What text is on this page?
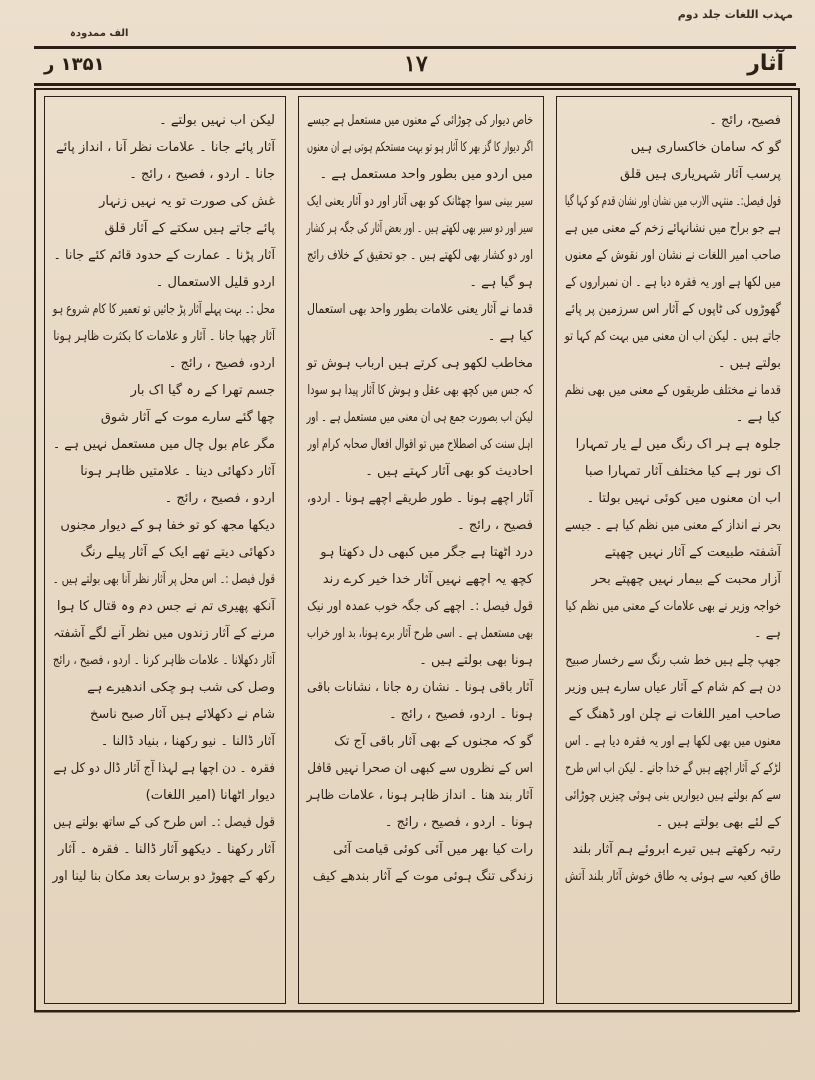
مہذب اللغات جلد دوم
الف ممدودہ
آثار
۱۷
۱۳۵۱ ر
فصیح، رائج ۔
گو کہ سامان خاکساری ہیں
پرسب آثار شہریاری ہیں قلق
قول فیصل:۔ منتہی الارب میں نشان اور نشان قدم کو کہا گیا
ہے جو براح میں نشانہائے زخم کے معنی میں ہے
صاحب امیر اللغات نے نشان اور نقوش کے معنوں
میں لکھا ہے اور یہ فقرہ دیا ہے ۔ ان نمبراروں کے
گھوڑوں کی ٹاپوں کے آثار اس سرزمین پر پائے
جاتے ہیں ۔ لیکن اب ان معنی میں بہت کم کہا تو
بولتے ہیں ۔
قدما نے مختلف طریقوں کے معنی میں بھی نظم
کیا ہے ۔
جلوہ ہے ہر اک رنگ میں لے یار تمہارا
اک نور ہے کیا مختلف آثار تمہارا صبا
اب ان معنوں میں کوئی نہیں بولتا ۔
بحر نے انداز کے معنی میں نظم کیا ہے ۔ جیسے
آشفتہ طبیعت کے آثار نہیں چھپتے
آزار محبت کے بیمار نہیں چھپتے بحر
خواجہ وزیر نے بھی علامات کے معنی میں نظم کیا
ہے ۔
جھپ چلے ہیں خط شب رنگ سے رخسار صبیح
دن ہے کم شام کے آثار عیاں سارے ہیں وزیر
صاحب امیر اللغات نے چلن اور ڈھنگ کے
معنوں میں بھی لکھا ہے اور یہ فقرہ دیا ہے ۔ اس
لڑکے کے آثار اچھے ہیں گے خدا جانے ۔ لیکن اب اس طرح
سے کم بولتے ہیں دیواریں بنی ہوئی چیزیں چوڑائی
کے لئے بھی بولتے ہیں ۔
رتبہ رکھتے ہیں تیرے ابروئے ہم آثار بلند
طاق کعبہ سے ہوئی یہ طاق خوش آثار بلند آتش
خاص دیوار کی چوڑائی کے معنوں میں مستعمل ہے جیسے
اگر دیوار کا گز بھر کا آثار ہو تو بہت مستحکم ہوتی ہے ان معنوں
میں اردو میں بطور واحد مستعمل ہے ۔
سیر بینی سوا چھٹانک کو بھی آثار اور دو آثار یعنی ایک
سیر اور دو سیر بھی لکھتے ہیں ۔ اور بعض آثار کی جگہ ہر کشار
اور دو کشار بھی لکھتے ہیں ۔ جو تحقیق کے خلاف رائج
ہو گیا ہے ۔
قدما نے آثار یعنی علامات بطور واحد بھی استعمال
کیا ہے ۔
مخاطب لکھو ہی کرتے ہیں ارباب ہوش تو
کہ جس میں کچھ بھی عقل و ہوش کا آثار پیدا ہو سودا
لیکن اب بصورت جمع ہی ان معنی میں مستعمل ہے ۔ اور
اہل سنت کی اصطلاح میں تو اقوال افعال صحابہ کرام اور
احادیث کو بھی آثار کہتے ہیں ۔
آثار اچھے ہونا ۔ طور طریقے اچھے ہونا ۔ اردو،
فصیح ، رائج ۔
درد اٹھتا ہے جگر میں کبھی دل دکھتا ہو
کچھ یہ اچھے نہیں آثار خدا خیر کرے رند
قول فیصل :۔ اچھے کی جگہ خوب عمدہ اور نیک
بھی مستعمل ہے ۔ اسی طرح آثار برے ہونا، بد اور خراب
ہونا بھی بولتے ہیں ۔
آثار باقی ہونا ۔ نشان رہ جانا ، نشانات باقی
ہونا ۔ اردو، فصیح ، رائج ۔
گو کہ مجنوں کے بھی آثار باقی آج تک
اس کے نظروں سے کبھی ان صحرا نہیں قافل
آثار بند ھنا ۔ انداز ظاہر ہونا ، علامات ظاہر
ہونا ۔ اردو ، فصیح ، رائج ۔
رات کیا بھر میں آئی کوئی قیامت آئی
زندگی تنگ ہوئی موت کے آثار بندھے کیف
لیکن اب نہیں بولتے ۔
آثار پائے جانا ۔ علامات نظر آنا ، انداز پائے
جانا ۔ اردو ، فصیح ، رائج ۔
غش کی صورت تو یہ نہیں زنہار
پائے جاتے ہیں سکتے کے آثار قلق
آثار پڑنا ۔ عمارت کے حدود قائم کئے جانا ۔
اردو قلیل الاستعمال ۔
محل :۔ بہت پہلے آثار پڑ جائیں تو تعمیر کا کام شروع ہو
آثار چھپا جانا ۔ آثار و علامات کا بکثرت ظاہر ہونا
اردو، فصیح ، رائج ۔
جسم تھرا کے رہ گیا اک بار
چھا گئے سارے موت کے آثار شوق
مگر عام بول چال میں مستعمل نہیں ہے ۔
آثار دکھائی دینا ۔ علامتیں ظاہر ہونا
اردو ، فصیح ، رائج ۔
دیکھا مجھ کو تو خفا ہو کے دیوار مجنوں
دکھائی دیتے تھے ایک کے آثار پیلے رنگ
قول فیصل :۔ اس محل پر آثار نظر آنا بھی بولتے ہیں ۔
آنکھ پھیری تم نے جس دم وہ قتال کا ہوا
مرنے کے آثار زندوں میں نظر آنے لگے آشفتہ
آثار دکھلانا ۔ علامات ظاہر کرنا ۔ اردو ، فصیح ، رائج
وصل کی شب ہو چکی اندھیرے ہے
شام نے دکھلائے ہیں آثار صبح ناسخ
آثار ڈالنا ۔ نیو رکھنا ، بنیاد ڈالنا ۔
فقرہ ۔ دن اچھا ہے لہذا آج آثار ڈال دو کل ہے
دیوار اٹھانا (امیر اللغات)
قول فیصل :۔ اس طرح کی کے ساتھ بولتے ہیں
آثار رکھنا ۔ دیکھو آثار ڈالنا ۔ فقرہ ۔ آثار
رکھ کے چھوڑ دو برسات بعد مکان بنا لینا اور
